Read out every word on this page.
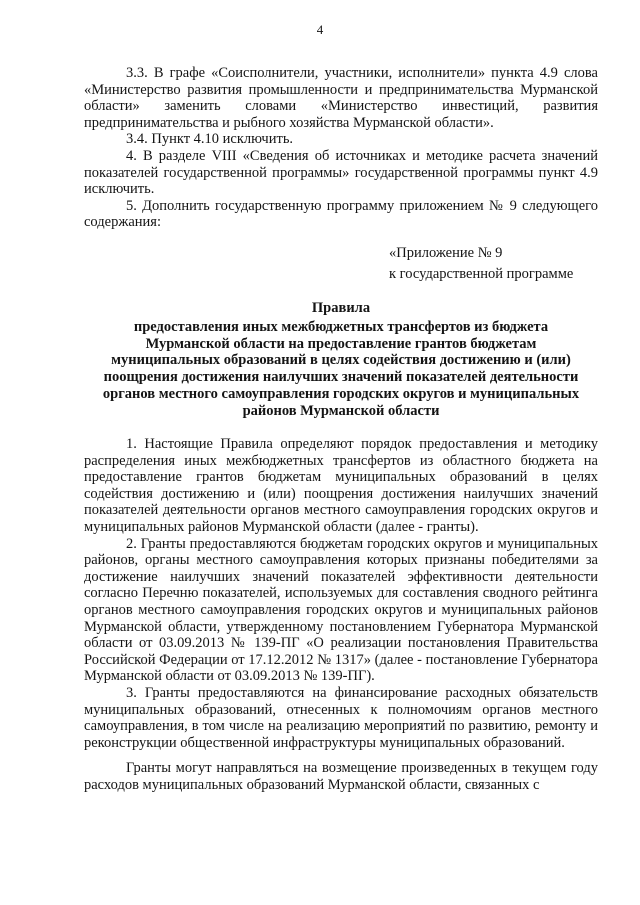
4

3.3. В графе «Соисполнители, участники, исполнители» пункта 4.9 слова «Министерство развития промышленности и предпринимательства Мурманской области» заменить словами «Министерство инвестиций, развития предпринимательства и рыбного хозяйства Мурманской области».

3.4. Пункт 4.10 исключить.

4. В разделе VIII «Сведения об источниках и методике расчета значений показателей государственной программы» государственной программы пункт 4.9 исключить.

5. Дополнить государственную программу приложением № 9 следующего содержания:

«Приложение № 9
к государственной программе
Правила
предоставления иных межбюджетных трансфертов из бюджета
Мурманской области на предоставление грантов бюджетам
муниципальных образований в целях содействия достижению и (или)
поощрения достижения наилучших значений показателей деятельности
органов местного самоуправления городских округов и муниципальных
районов Мурманской области

1. Настоящие Правила определяют порядок предоставления и методику распределения иных межбюджетных трансфертов из областного бюджета на предоставление грантов бюджетам муниципальных образований в целях содействия достижению и (или) поощрения достижения наилучших значений показателей деятельности органов местного самоуправления городских округов и муниципальных районов Мурманской области (далее - гранты).

2. Гранты предоставляются бюджетам городских округов и муниципальных районов, органы местного самоуправления которых признаны победителями за достижение наилучших значений показателей эффективности деятельности согласно Перечню показателей, используемых для составления сводного рейтинга органов местного самоуправления городских округов и муниципальных районов Мурманской области, утвержденному постановлением Губернатора Мурманской области от 03.09.2013 № 139-ПГ «О реализации постановления Правительства Российской Федерации от 17.12.2012 № 1317» (далее - постановление Губернатора Мурманской области от 03.09.2013 № 139-ПГ).

3. Гранты предоставляются на финансирование расходных обязательств муниципальных образований, отнесенных к полномочиям органов местного самоуправления, в том числе на реализацию мероприятий по развитию, ремонту и реконструкции общественной инфраструктуры муниципальных образований.

Гранты могут направляться на возмещение произведенных в текущем году расходов муниципальных образований Мурманской области, связанных с
